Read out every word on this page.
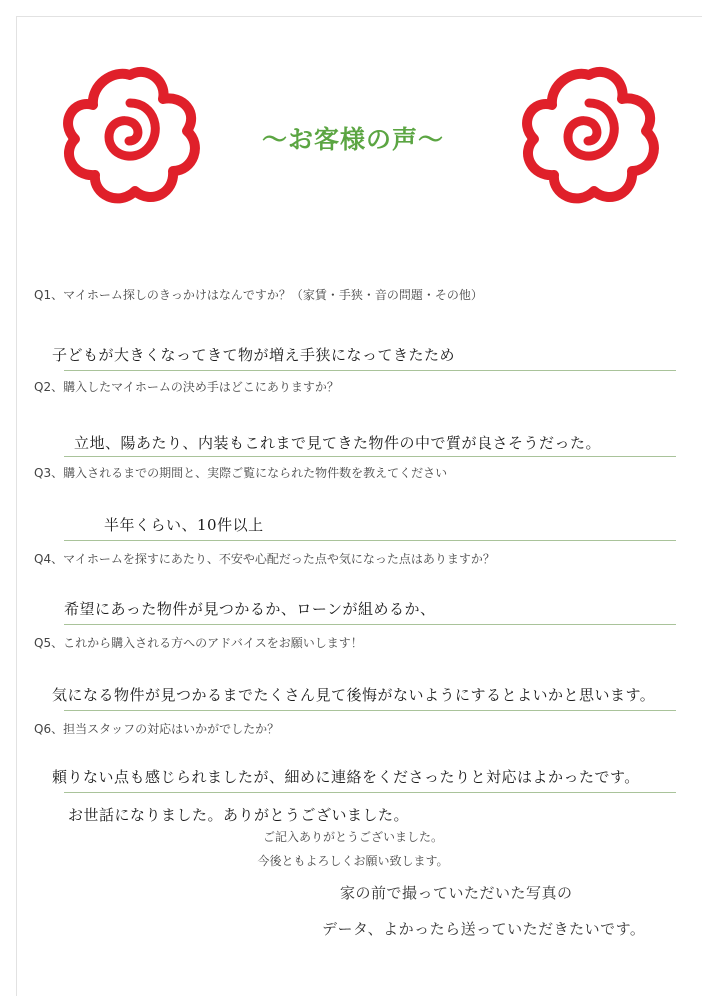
～お客様の声～
Q1、マイホーム探しのきっかけはなんですか？（家賃・手狭・音の問題・その他）
子どもが大きくなってきて物が増え手狭になってきたため
Q2、購入したマイホームの決め手はどこにありますか？
立地、陽あたり、内装もこれまで見てきた物件の中で質が良さそうだった。
Q3、購入されるまでの期間と、実際ご覧になられた物件数を教えてください
半年くらい、10件以上
Q4、マイホームを探すにあたり、不安や心配だった点や気になった点はありますか？
希望にあった物件が見つかるか、ローンが組めるか、
Q5、これから購入される方へのアドバイスをお願いします！
気になる物件が見つかるまでたくさん見て後悔がないようにするとよいかと思います。
Q6、担当スタッフの対応はいかがでしたか？
頼りない点も感じられましたが、細めに連絡をくださったりと対応はよかったです。
お世話になりました。ありがとうございました。
ご記入ありがとうございました。
今後ともよろしくお願い致します。
家の前で撮っていただいた写真の
データ、よかったら送っていただきたいです。
